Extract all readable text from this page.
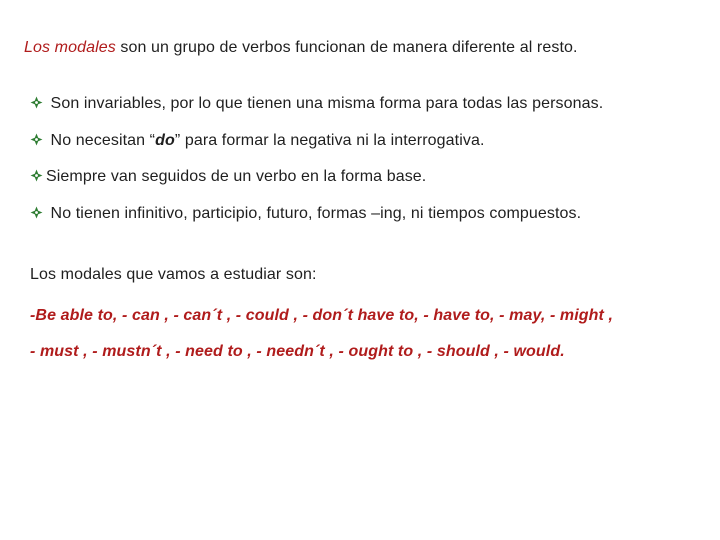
Los modales son un grupo de verbos funcionan de manera diferente al resto.
Son invariables, por lo que tienen una misma forma para todas las personas.
No necesitan “do” para formar la negativa ni la interrogativa.
Siempre van seguidos de un verbo en la forma base.
No tienen infinitivo, participio, futuro, formas –ing, ni tiempos compuestos.
Los modales que vamos a estudiar son:
-Be able to, - can , - can´t , - could , - don´t have to, - have to, - may, - might ,
- must , - mustn´t , - need to , - needn´t , - ought to , - should , - would.
